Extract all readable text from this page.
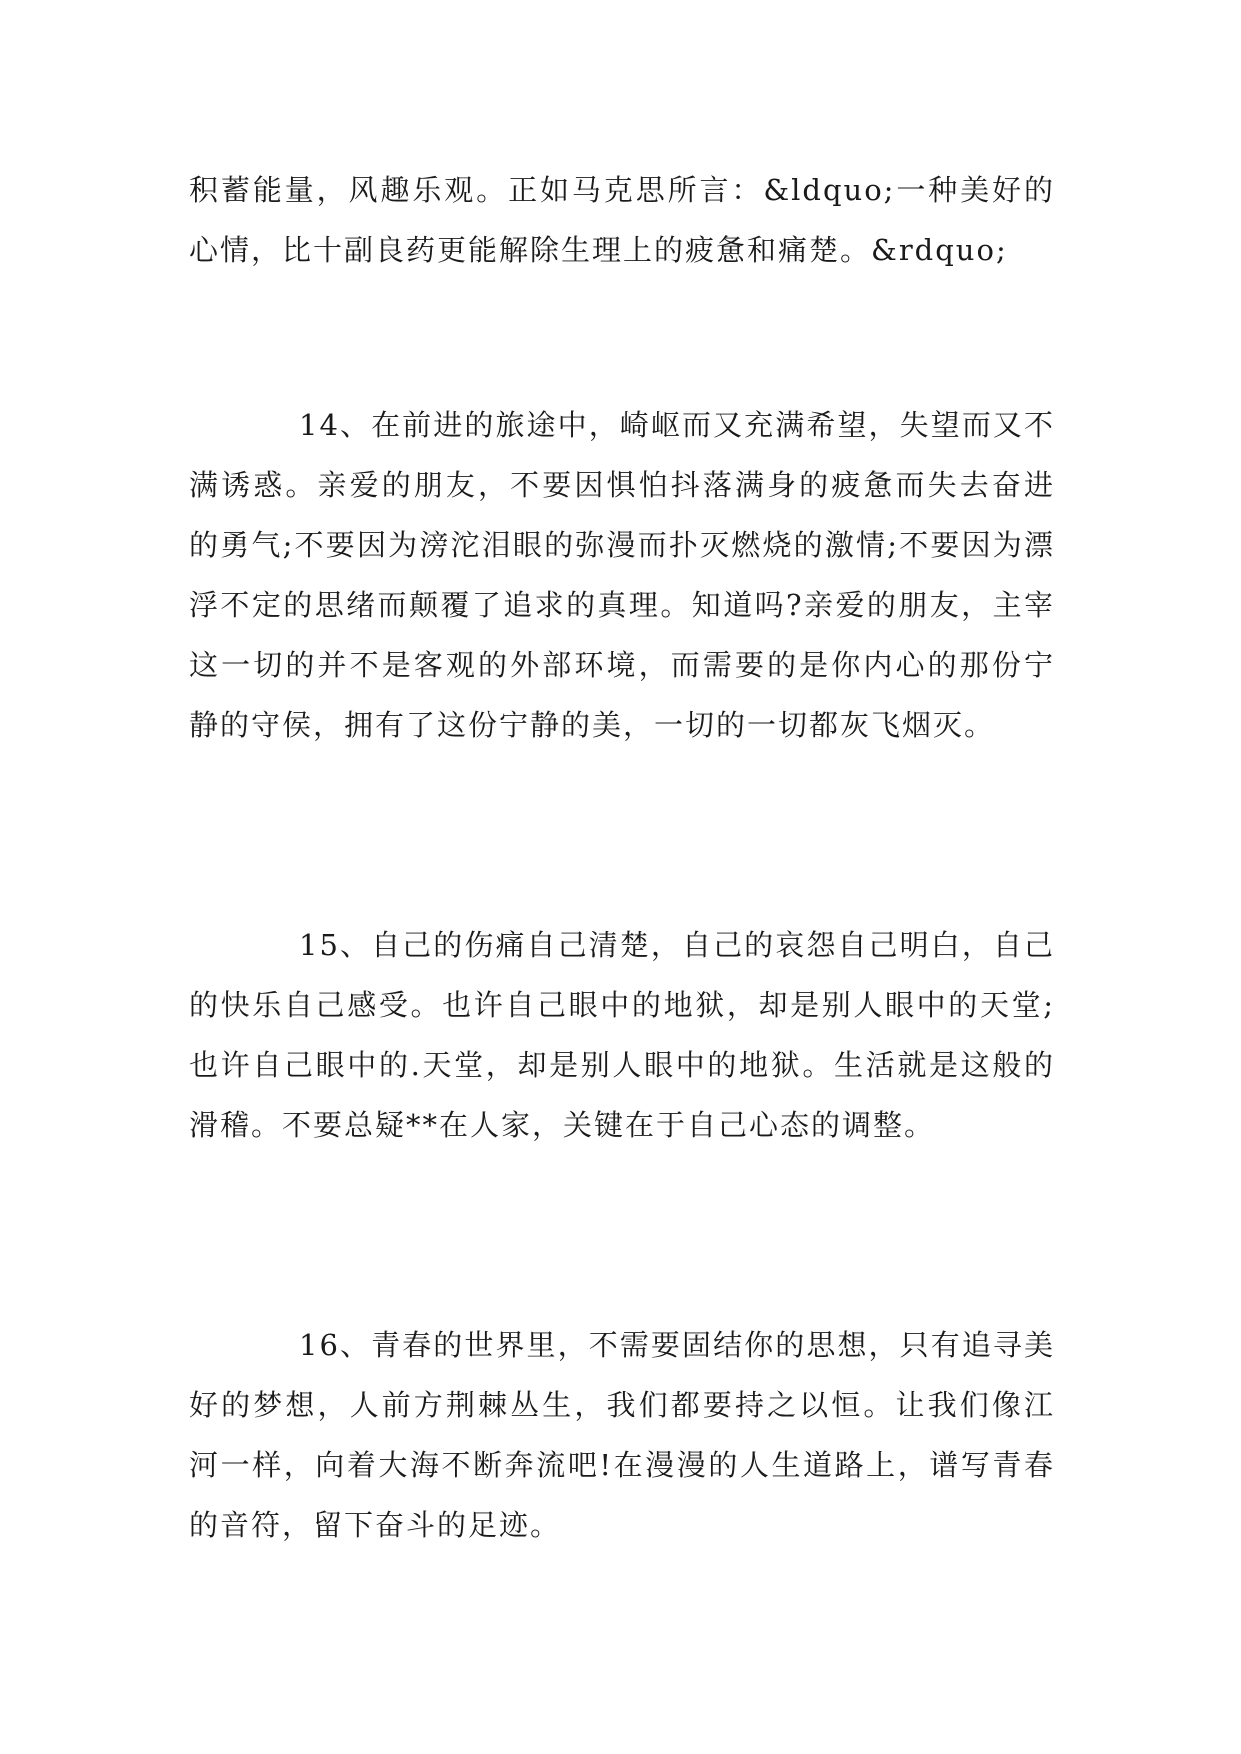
积蓄能量，风趣乐观。正如马克思所言：&ldquo;一种美好的心情，比十副良药更能解除生理上的疲惫和痛楚。&rdquo;

14、在前进的旅途中，崎岖而又充满希望，失望而又不满诱惑。亲爱的朋友，不要因惧怕抖落满身的疲惫而失去奋进的勇气;不要因为滂沱泪眼的弥漫而扑灭燃烧的激情;不要因为漂浮不定的思绪而颠覆了追求的真理。知道吗?亲爱的朋友，主宰这一切的并不是客观的外部环境，而需要的是你内心的那份宁静的守侯，拥有了这份宁静的美，一切的一切都灰飞烟灭。

15、自己的伤痛自己清楚，自己的哀怨自己明白，自己的快乐自己感受。也许自己眼中的地狱，却是别人眼中的天堂;也许自己眼中的.天堂，却是别人眼中的地狱。生活就是这般的滑稽。不要总疑**在人家，关键在于自己心态的调整。

16、青春的世界里，不需要固结你的思想，只有追寻美好的梦想，人前方荆棘丛生，我们都要持之以恒。让我们像江河一样，向着大海不断奔流吧!在漫漫的人生道路上，谱写青春的音符，留下奋斗的足迹。
